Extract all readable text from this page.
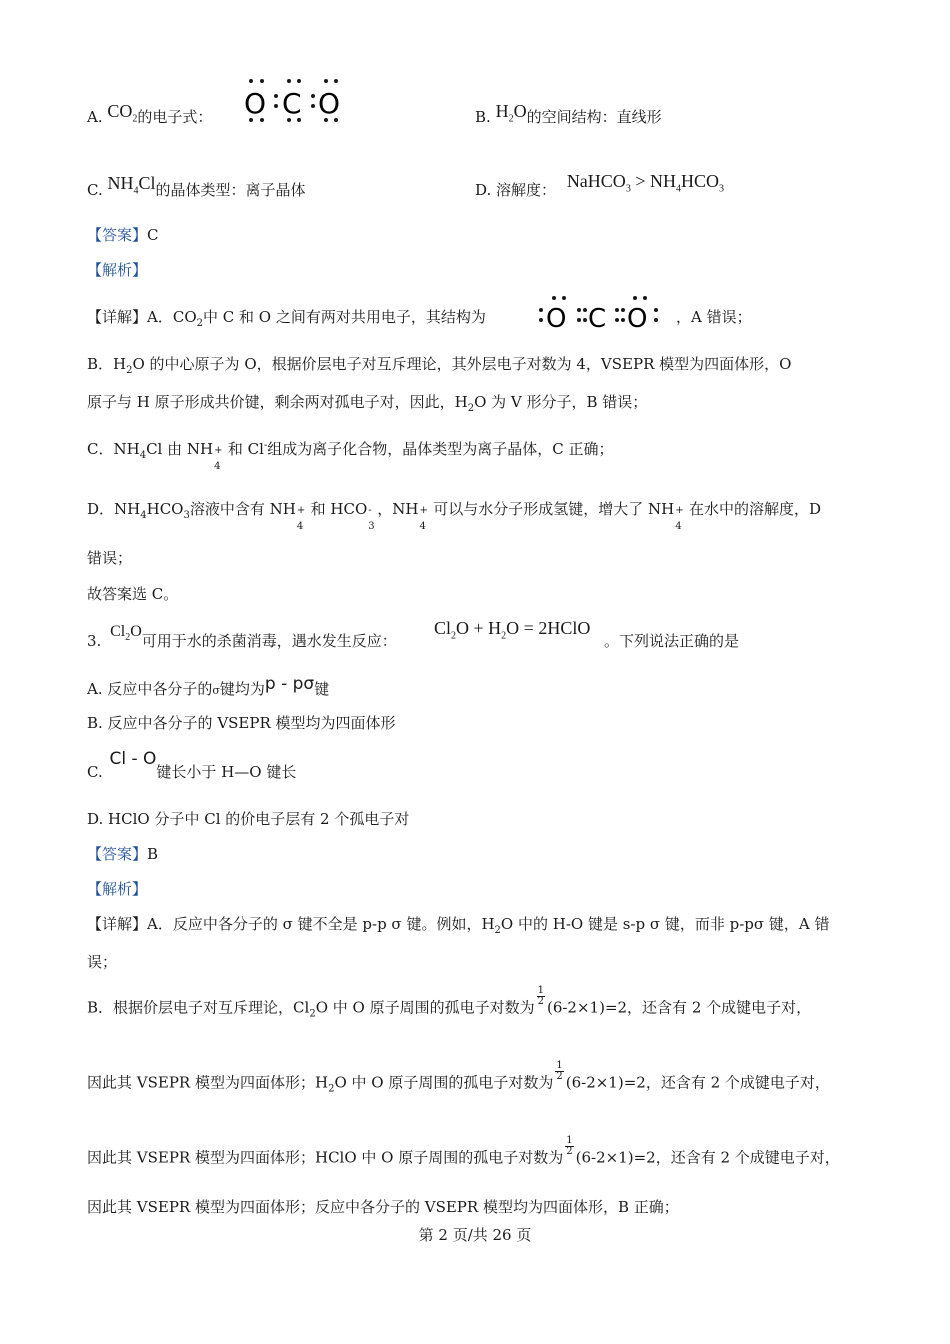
A. $CO_2$的电子式： O C O	B. $H_2O$的空间结构：直线形
C. $NH_4Cl$的晶体类型：离子晶体	D. 溶解度： NaHCO$_3$ > $NH_4HCO_3$
【答案】C
【解析】
【详解】A．$CO_2$中 C 和 O 之间有两对共用电子，其结构为 O C O ，A 错误；
B．$H_2O$ 的中心原子为 O，根据价层电子对互斥理论，其外层电子对数为 4，VSEPR 模型为四面体形，O
原子与 H 原子形成共价键，剩余两对孤电子对，因此，$H_2O$ 为 V 形分子，B 错误；
C．$NH_4Cl$ 由 NH +
4
和 Cl-组成为离子化合物，晶体类型为离子晶体，C 正确；
D．$NH_4HCO_3$溶液中含有 NH +
4
和 HCO -
3
，NH +
4
可以与水分子形成氢键，增大了 NH +
4
在水中的溶解度，D
错误；
故答案选 C。
3. $Cl_2O$可用于水的杀菌消毒，遇水发生反应：
$Cl_2O + H_2O$ = 2HClO
。下列说法正确的是
A. 反应中各分子的σ键均为p - pσ键
B. 反应中各分子的 VSEPR 模型均为四面体形
C. Cl - O键长小于 H—O 键长
D. HClO 分子中 Cl 的价电子层有 2 个孤电子对
【答案】B
【解析】
【详解】A．反应中各分子的 σ 键不全是 p-p σ 键。例如，$H_2O$ 中的 H-O 键是 s-p σ 键，而非 p-pσ 键，A 错
误；
B．根据价层电子对互斥理论，$Cl_2O$ 中 O 原子周围的孤电子对数为
$\frac{1}{2}$
(6-2×1)=2，还含有 2 个成键电子对，
因此其 VSEPR 模型为四面体形；$H_2O$ 中 O 原子周围的孤电子对数为
$\frac{1}{2}$
(6-2×1)=2，还含有 2 个成键电子对，
因此其 VSEPR 模型为四面体形；HClO 中 O 原子周围的孤电子对数为
$\frac{1}{2}$
(6-2×1)=2，还含有 2 个成键电子对，
因此其 VSEPR 模型为四面体形；反应中各分子的 VSEPR 模型均为四面体形，B 正确；
第 2 页/共 26 页
